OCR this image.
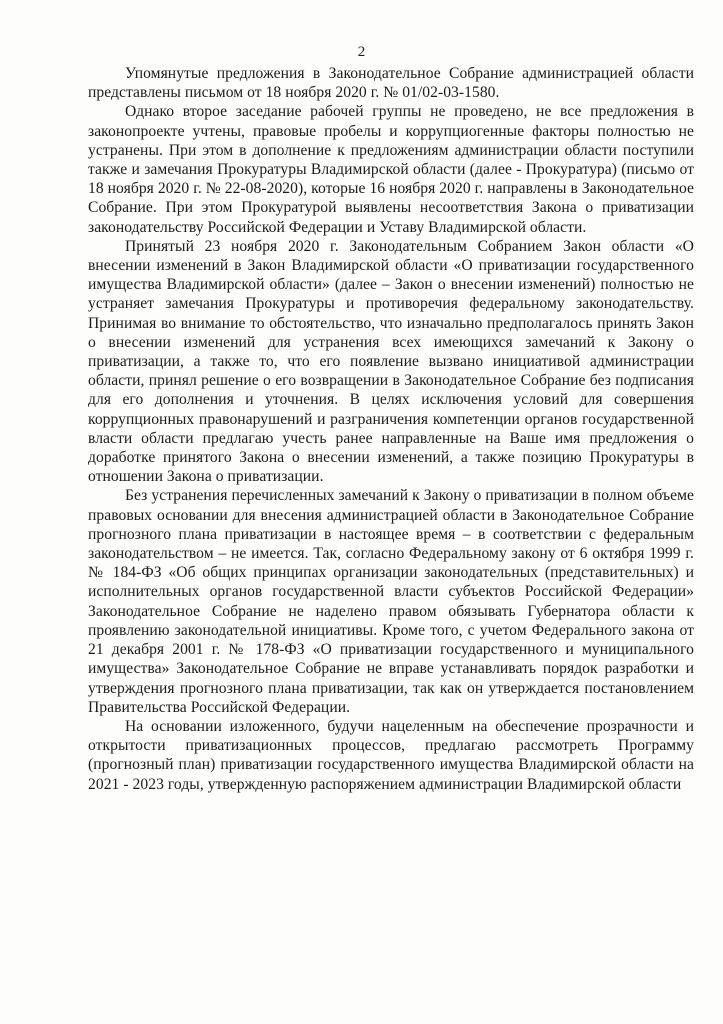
2

Упомянутые предложения в Законодательное Собрание администрацией области представлены письмом от 18 ноября 2020 г. № 01/02-03-1580.

Однако второе заседание рабочей группы не проведено, не все предложения в законопроекте учтены, правовые пробелы и коррупциогенные факторы полностью не устранены. При этом в дополнение к предложениям администрации области поступили также и замечания Прокуратуры Владимирской области (далее - Прокуратура) (письмо от 18 ноября 2020 г. № 22-08-2020), которые 16 ноября 2020 г. направлены в Законодательное Собрание. При этом Прокуратурой выявлены несоответствия Закона о приватизации законодательству Российской Федерации и Уставу Владимирской области.

Принятый 23 ноября 2020 г. Законодательным Собранием Закон области «О внесении изменений в Закон Владимирской области «О приватизации государственного имущества Владимирской области» (далее – Закон о внесении изменений) полностью не устраняет замечания Прокуратуры и противоречия федеральному законодательству. Принимая во внимание то обстоятельство, что изначально предполагалось принять Закон о внесении изменений для устранения всех имеющихся замечаний к Закону о приватизации, а также то, что его появление вызвано инициативой администрации области, принял решение о его возвращении в Законодательное Собрание без подписания для его дополнения и уточнения. В целях исключения условий для совершения коррупционных правонарушений и разграничения компетенции органов государственной власти области предлагаю учесть ранее направленные на Ваше имя предложения о доработке принятого Закона о внесении изменений, а также позицию Прокуратуры в отношении Закона о приватизации.

Без устранения перечисленных замечаний к Закону о приватизации в полном объеме правовых основании для внесения администрацией области в Законодательное Собрание прогнозного плана приватизации в настоящее время – в соответствии с федеральным законодательством – не имеется. Так, согласно Федеральному закону от 6 октября 1999 г. № 184-ФЗ «Об общих принципах организации законодательных (представительных) и исполнительных органов государственной власти субъектов Российской Федерации» Законодательное Собрание не наделено правом обязывать Губернатора области к проявлению законодательной инициативы. Кроме того, с учетом Федерального закона от 21 декабря 2001 г. № 178-ФЗ «О приватизации государственного и муниципального имущества» Законодательное Собрание не вправе устанавливать порядок разработки и утверждения прогнозного плана приватизации, так как он утверждается постановлением Правительства Российской Федерации.

На основании изложенного, будучи нацеленным на обеспечение прозрачности и открытости приватизационных процессов, предлагаю рассмотреть Программу (прогнозный план) приватизации государственного имущества Владимирской области на 2021 - 2023 годы, утвержденную распоряжением администрации Владимирской области
